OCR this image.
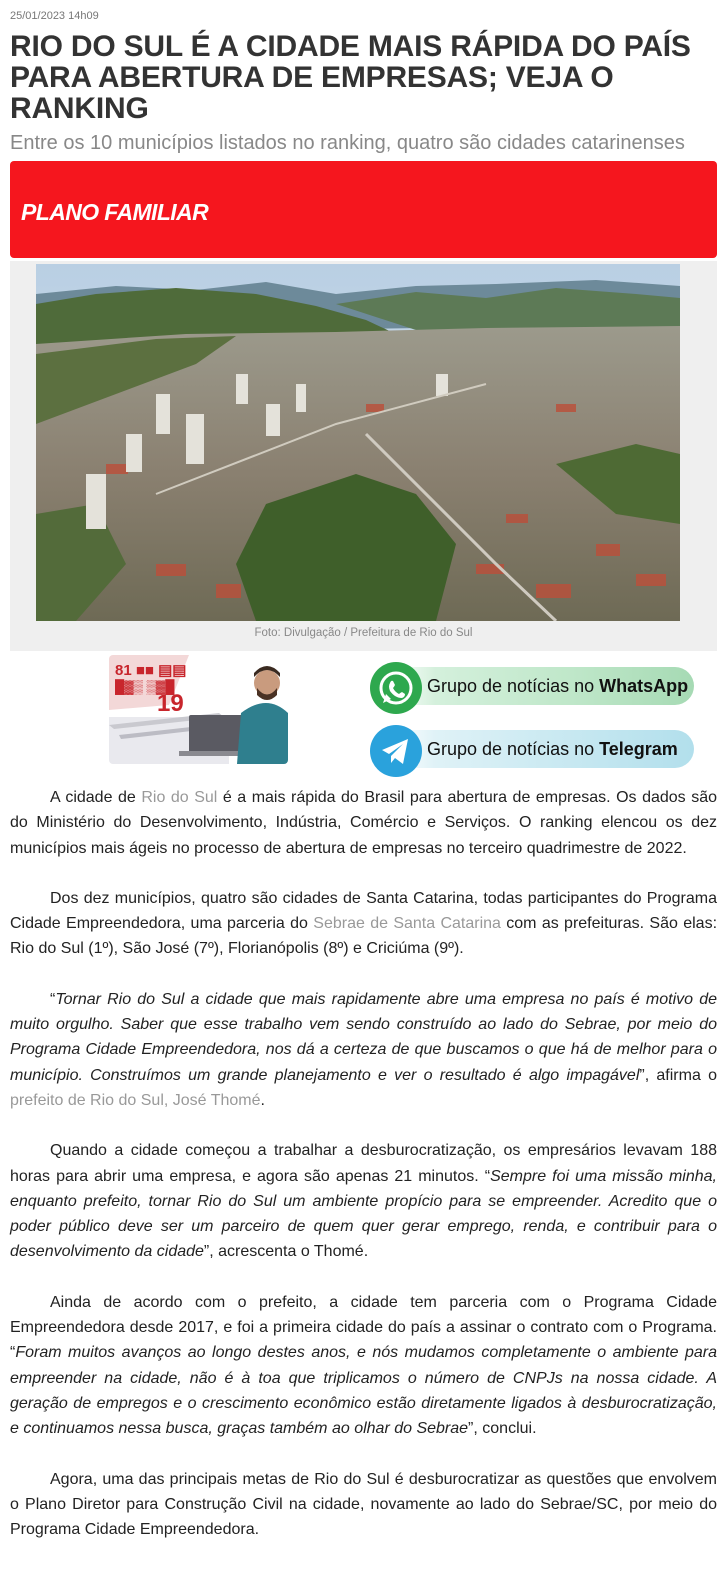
25/01/2023 14h09
RIO DO SUL É A CIDADE MAIS RÁPIDA DO PAÍS PARA ABERTURA DE EMPRESAS; VEJA O RANKING
Entre os 10 municípios listados no ranking, quatro são cidades catarinenses
PLANO FAMILIAR
Foto: Divulgação / Prefeitura de Rio do Sul
81 ■■ ▤▤
█▓▒ ▒▓█
19
Grupo de notícias no WhatsApp
Grupo de notícias no Telegram

A cidade de Rio do Sul é a mais rápida do Brasil para abertura de empresas. Os dados são do Ministério do Desenvolvimento, Indústria, Comércio e Serviços. O ranking elencou os dez municípios mais ágeis no processo de abertura de empresas no terceiro quadrimestre de 2022.

Dos dez municípios, quatro são cidades de Santa Catarina, todas participantes do Programa Cidade Empreendedora, uma parceria do Sebrae de Santa Catarina com as prefeituras. São elas: Rio do Sul (1º), São José (7º), Florianópolis (8º) e Criciúma (9º).

“Tornar Rio do Sul a cidade que mais rapidamente abre uma empresa no país é motivo de muito orgulho. Saber que esse trabalho vem sendo construído ao lado do Sebrae, por meio do Programa Cidade Empreendedora, nos dá a certeza de que buscamos o que há de melhor para o município. Construímos um grande planejamento e ver o resultado é algo impagável”, afirma o prefeito de Rio do Sul, José Thomé.

Quando a cidade começou a trabalhar a desburocratização, os empresários levavam 188 horas para abrir uma empresa, e agora são apenas 21 minutos. “Sempre foi uma missão minha, enquanto prefeito, tornar Rio do Sul um ambiente propício para se empreender. Acredito que o poder público deve ser um parceiro de quem quer gerar emprego, renda, e contribuir para o desenvolvimento da cidade”, acrescenta o Thomé.

Ainda de acordo com o prefeito, a cidade tem parceria com o Programa Cidade Empreendedora desde 2017, e foi a primeira cidade do país a assinar o contrato com o Programa. “Foram muitos avanços ao longo destes anos, e nós mudamos completamente o ambiente para empreender na cidade, não é à toa que triplicamos o número de CNPJs na nossa cidade. A geração de empregos e o crescimento econômico estão diretamente ligados à desburocratização, e continuamos nessa busca, graças também ao olhar do Sebrae”, conclui.

Agora, uma das principais metas de Rio do Sul é desburocratizar as questões que envolvem o Plano Diretor para Construção Civil na cidade, novamente ao lado do Sebrae/SC, por meio do Programa Cidade Empreendedora.
